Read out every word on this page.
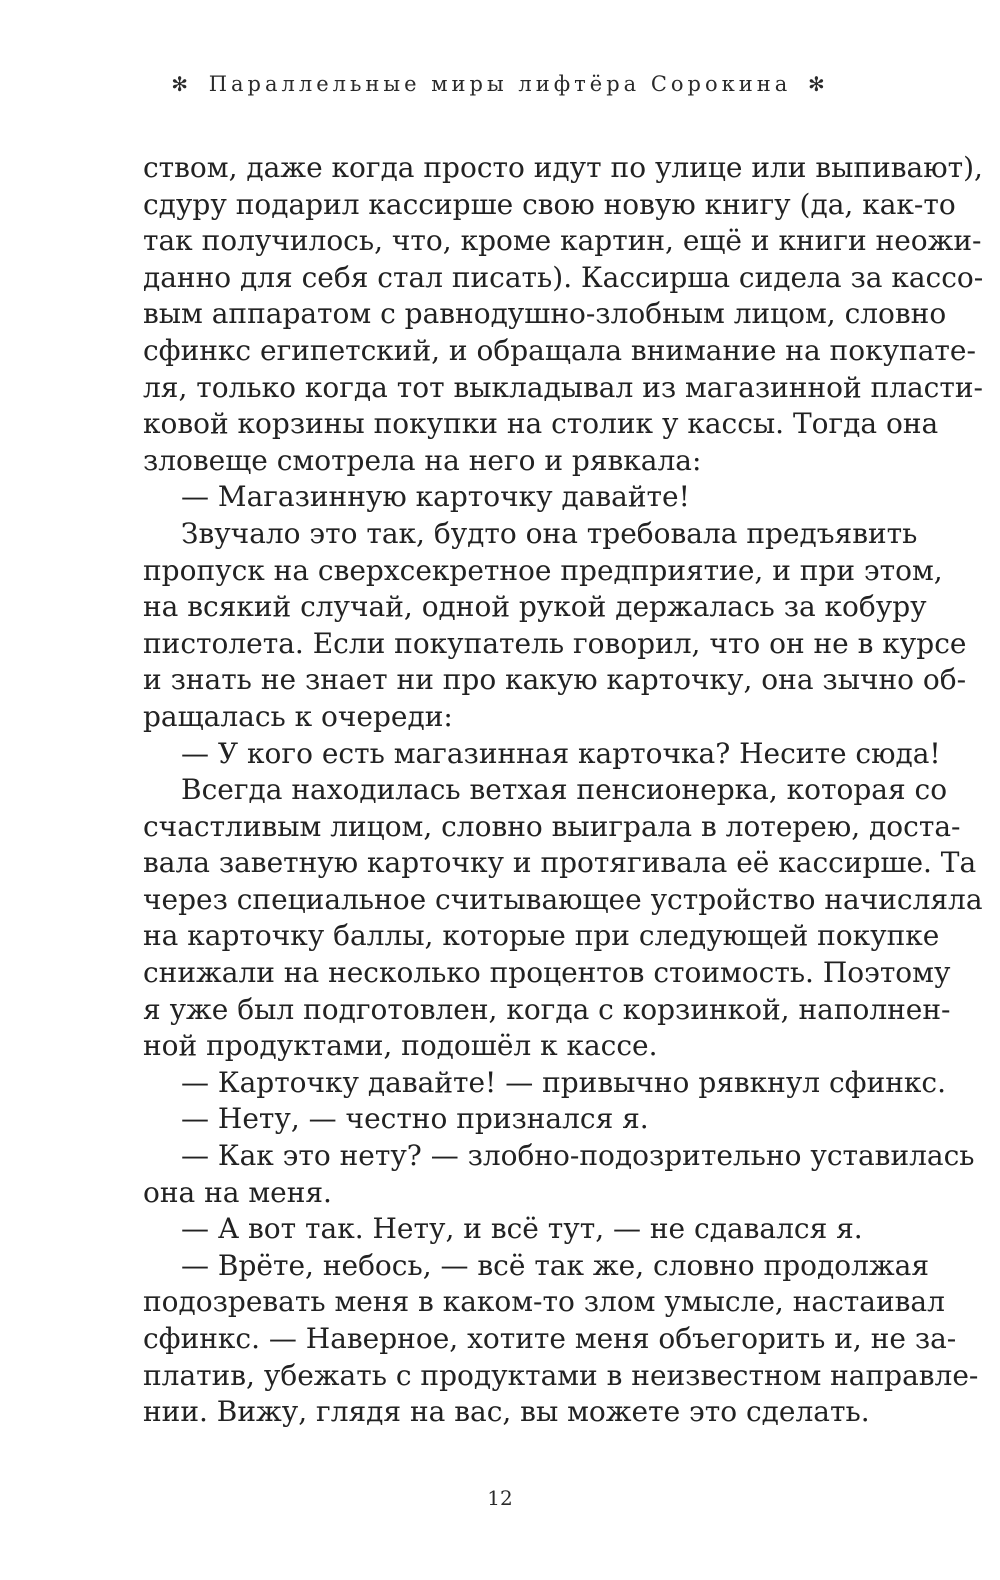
✻ Параллельные миры лифтёра Сорокина ✻
ством, даже когда просто идут по улице или выпивают),
сдуру подарил кассирше свою новую книгу (да, как-то
так получилось, что, кроме картин, ещё и книги неожи-
данно для себя стал писать). Кассирша сидела за кассо-
вым аппаратом с равнодушно-злобным лицом, словно
сфинкс египетский, и обращала внимание на покупате-
ля, только когда тот выкладывал из магазинной пласти-
ковой корзины покупки на столик у кассы. Тогда она
зловеще смотрела на него и рявкала:
— Магазинную карточку давайте!
Звучало это так, будто она требовала предъявить
пропуск на сверхсекретное предприятие, и при этом,
на всякий случай, одной рукой держалась за кобуру
пистолета. Если покупатель говорил, что он не в курсе
и знать не знает ни про какую карточку, она зычно об-
ращалась к очереди:
— У кого есть магазинная карточка? Несите сюда!
Всегда находилась ветхая пенсионерка, которая со
счастливым лицом, словно выиграла в лотерею, доста-
вала заветную карточку и протягивала её кассирше. Та
через специальное считывающее устройство начисляла
на карточку баллы, которые при следующей покупке
снижали на несколько процентов стоимость. Поэтому
я уже был подготовлен, когда с корзинкой, наполнен-
ной продуктами, подошёл к кассе.
— Карточку давайте! — привычно рявкнул сфинкс.
— Нету, — честно признался я.
— Как это нету? — злобно-подозрительно уставилась
она на меня.
— А вот так. Нету, и всё тут, — не сдавался я.
— Врёте, небось, — всё так же, словно продолжая
подозревать меня в каком-то злом умысле, настаивал
сфинкс. — Наверное, хотите меня объегорить и, не за-
платив, убежать с продуктами в неизвестном направле-
нии. Вижу, глядя на вас, вы можете это сделать.
12
